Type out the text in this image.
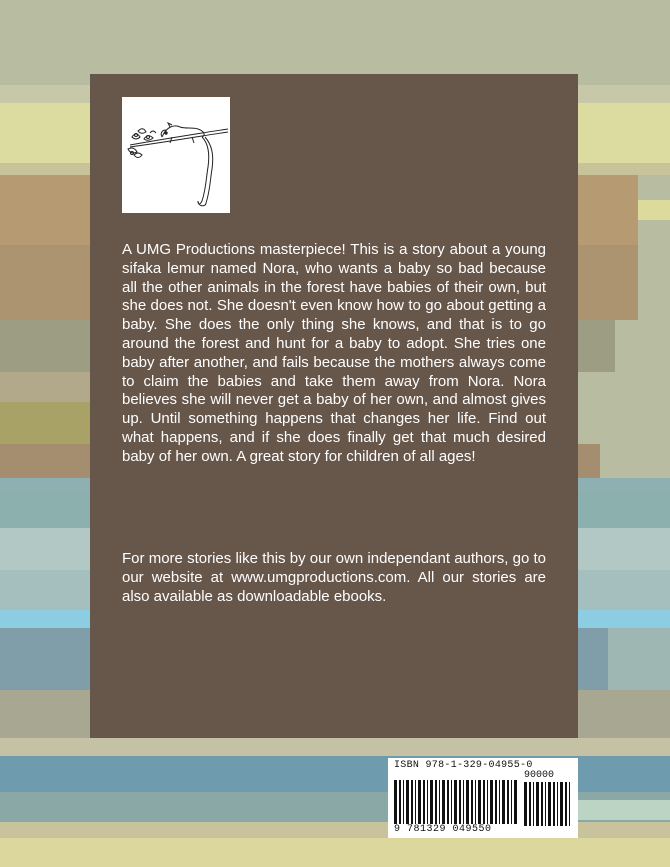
A UMG Productions masterpiece! This is a story about a young sifaka lemur named Nora, who wants a baby so bad because all the other animals in the forest have babies of their own, but she does not. She doesn't even know how to go about getting a baby. She does the only thing she knows, and that is to go around the forest and hunt for a baby to adopt. She tries one baby after another, and fails because the mothers always come to claim the babies and take them away from Nora. Nora believes she will never get a baby of her own, and almost gives up. Until something happens that changes her life. Find out what happens, and if she does finally get that much desired baby of her own. A great story for children of all ages!
For more stories like this by our own independant authors, go to our website at www.umgproductions.com. All our stories are also available as downloadable ebooks.
ISBN 978-1-329-04955-0
90000
9 781329 049550
